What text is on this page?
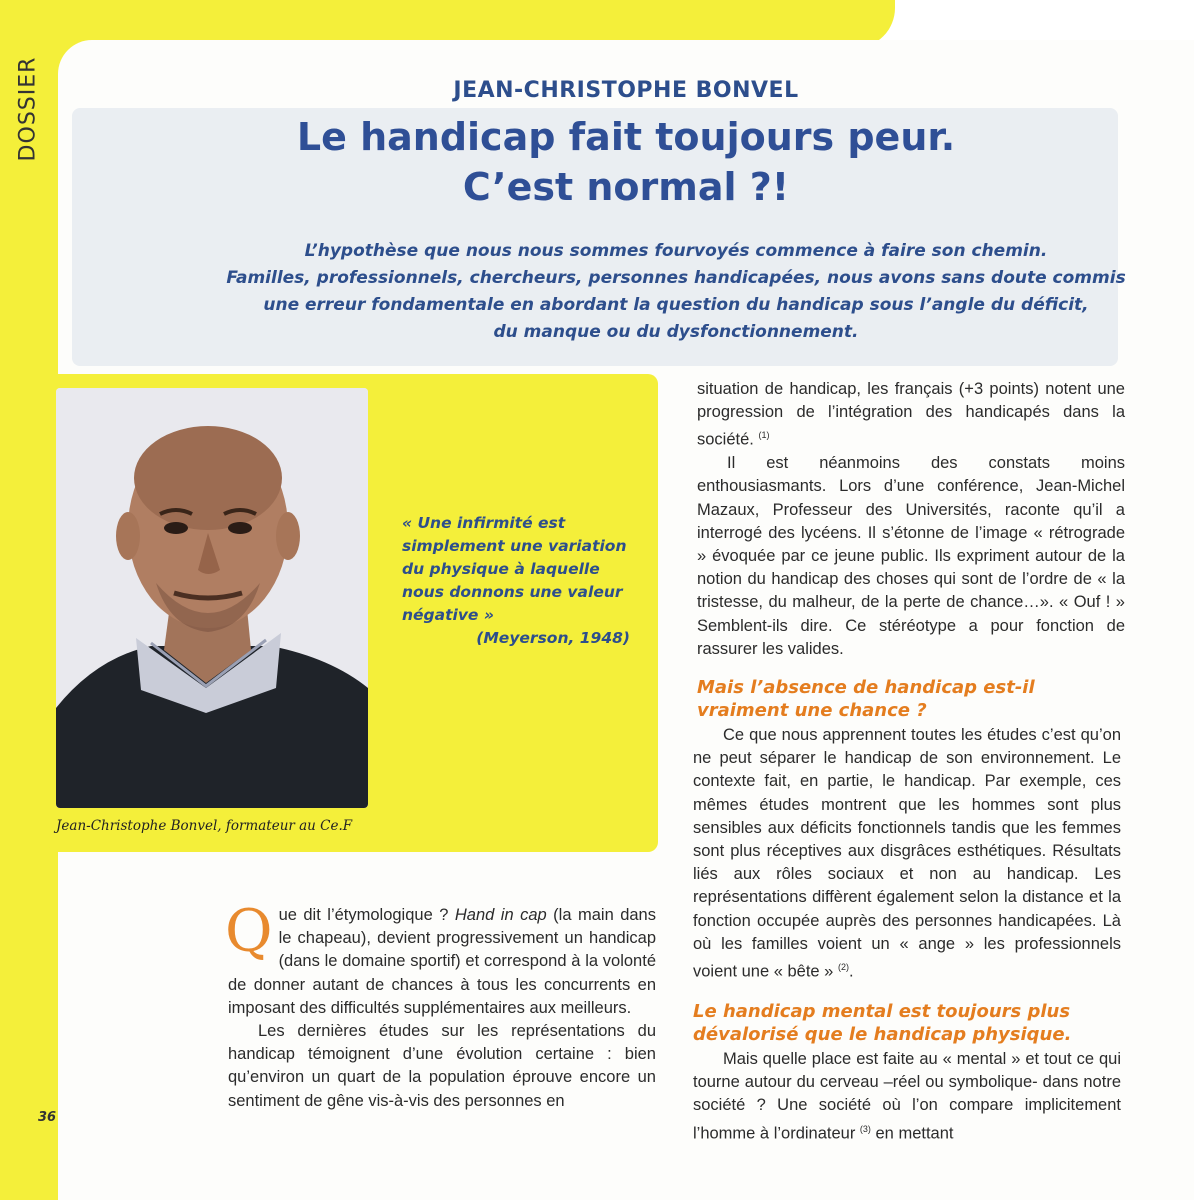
DOSSIER	JEAN-CHRISTOPHE BONVEL
Le handicap fait toujours peur.
C’est normal ?!
L’hypothèse que nous nous sommes fourvoyés commence à faire son chemin.
Familles, professionnels, chercheurs, personnes handicapées, nous avons sans doute commis
une erreur fondamentale en abordant la question du handicap sous l’angle du déficit,
du manque ou du dysfonctionnement.
Jean-Christophe Bonvel, formateur au Ce.F
« Une infirmité est
simplement une variation
du physique à laquelle
nous donnons une valeur
négative »
(Meyerson, 1948)

Que dit l’étymologique ? Hand in cap (la main dans le chapeau), devient progressivement un handicap (dans le domaine sportif) et correspond à la volonté de donner autant de chances à tous les concurrents en imposant des difficultés supplémentaires aux meilleurs.

Les dernières études sur les représentations du handicap témoignent d’une évolution certaine : bien qu’environ un quart de la population éprouve encore un sentiment de gêne vis-à-vis des personnes en

situation de handicap, les français (+3 points) notent une progression de l’intégration des handicapés dans la société. $^{(1)}$

Il est néanmoins des constats moins enthousiasmants. Lors d’une conférence, Jean-Michel Mazaux, Professeur des Universités, raconte qu’il a interrogé des lycéens. Il s’étonne de l’image « rétrograde » évoquée par ce jeune public. Ils expriment autour de la notion du handicap des choses qui sont de l’ordre de « la tristesse, du malheur, de la perte de chance…». « Ouf ! » Semblent-ils dire. Ce stéréotype a pour fonction de rassurer les valides.

Mais l’absence de handicap est-il
vraiment une chance ?

Ce que nous apprennent toutes les études c’est qu’on ne peut séparer le handicap de son environnement. Le contexte fait, en partie, le handicap. Par exemple, ces mêmes études montrent que les hommes sont plus sensibles aux déficits fonctionnels tandis que les femmes sont plus réceptives aux disgrâces esthétiques. Résultats liés aux rôles sociaux et non au handicap. Les représentations diffèrent également selon la distance et la fonction occupée auprès des personnes handicapées. Là où les familles voient un « ange » les professionnels voient une « bête » $^{(2)}$.

Le handicap mental est toujours plus
dévalorisé que le handicap physique.

Mais quelle place est faite au « mental » et tout ce qui tourne autour du cerveau –réel ou symbolique- dans notre société ? Une société où l’on compare implicitement l’homme à l’ordinateur $^{(3)}$ en mettant

36
